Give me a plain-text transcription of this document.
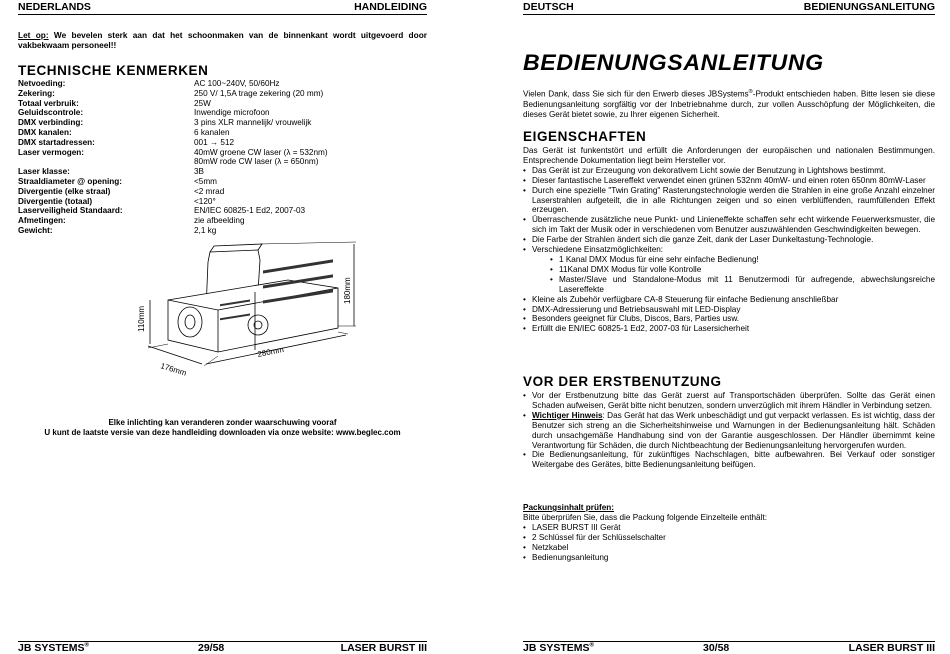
NEDERLANDS	HANDLEIDING
Let op: We bevelen sterk aan dat het schoonmaken van de binnenkant wordt uitgevoerd door vakbekwaam personeel!!
TECHNISCHE KENMERKEN
Netvoeding:	AC 100~240V, 50/60Hz
Zekering:	250 V/ 1,5A trage zekering (20 mm)
Totaal verbruik:	25W
Geluidscontrole:	Inwendige microfoon
DMX verbinding:	3 pins XLR mannelijk/ vrouwelijk
DMX kanalen:	6 kanalen
DMX startadressen:	001 → 512
Laser vermogen:	40mW groene CW laser (λ = 532nm)
80mW rode CW laser (λ = 650nm)
Laser klasse:	3B
Straaldiameter @ opening:	<5mm
Divergentie (elke straal)	<2 mrad
Divergentie (totaal)	<120°
Laserveiligheid Standaard:	EN/IEC 60825-1 Ed2, 2007-03
Afmetingen:	zie afbeelding
Gewicht:	2,1 kg
110mm
176mm
280mm
180mm
Elke inlichting kan veranderen zonder waarschuwing vooraf
U kunt de laatste versie van deze handleiding downloaden via onze website: www.beglec.com
JB SYSTEMS®	29/58	LASER BURST III
DEUTSCH	BEDIENUNGSANLEITUNG
BEDIENUNGSANLEITUNG
Vielen Dank, dass Sie sich für den Erwerb dieses JBSystems®-Produkt entschieden haben. Bitte lesen sie diese Bedienungsanleitung sorgfältig vor der Inbetriebnahme durch, zur vollen Ausschöpfung der Möglichkeiten, die dieses Gerät bietet sowie, zu Ihrer eigenen Sicherheit.
EIGENSCHAFTEN
Das Gerät ist funkentstört und erfüllt die Anforderungen der europäischen und nationalen Bestimmungen. Entsprechende Dokumentation liegt beim Hersteller vor.
• Das Gerät ist zur Erzeugung von dekorativem Licht sowie der Benutzung in Lightshows bestimmt.
• Dieser fantastische Lasereffekt verwendet einen grünen 532nm 40mW- und einen roten 650nm 80mW-Laser
• Durch eine spezielle "Twin Grating" Rasterungstechnologie werden die Strahlen in eine große Anzahl einzelner Laserstrahlen aufgeteilt, die in alle Richtungen zeigen und so einen verblüffenden, raumfüllenden Effekt erzeugen.
• Überraschende zusätzliche neue Punkt- und Linieneffekte schaffen sehr echt wirkende Feuerwerksmuster, die sich im Takt der Musik oder in verschiedenen vom Benutzer auszuwählenden Geschwindigkeiten bewegen.
• Die Farbe der Strahlen ändert sich die ganze Zeit, dank der Laser Dunkeltastung-Technologie.
• Verschiedene Einsatzmöglichkeiten:
• 1 Kanal DMX Modus für eine sehr einfache Bedienung!
• 11Kanal DMX Modus für volle Kontrolle
• Master/Slave und Standalone-Modus mit 11 Benutzermodi für aufregende, abwechslungsreiche Lasereffekte
• Kleine als Zubehör verfügbare CA-8 Steuerung für einfache Bedienung anschließbar
• DMX-Adressierung und Betriebsauswahl mit LED-Display
• Besonders geeignet für Clubs, Discos, Bars, Parties usw.
• Erfüllt die EN/IEC 60825-1 Ed2, 2007-03 für Lasersicherheit
VOR DER ERSTBENUTZUNG
• Vor der Erstbenutzung bitte das Gerät zuerst auf Transportschäden überprüfen. Sollte das Gerät einen Schaden aufweisen, Gerät bitte nicht benutzen, sondern unverzüglich mit ihrem Händler in Verbindung setzen.
• Wichtiger Hinweis: Das Gerät hat das Werk unbeschädigt und gut verpackt verlassen. Es ist wichtig, dass der Benutzer sich streng an die Sicherheitshinweise und Warnungen in der Bedienungsanleitung hält. Schäden durch unsachgemäße Handhabung sind von der Garantie ausgeschlossen. Der Händler übernimmt keine Verantwortung für Schäden, die durch Nichtbeachtung der Bedienungsanleitung hervorgerufen wurden.
• Die Bedienungsanleitung, für zukünftiges Nachschlagen, bitte aufbewahren. Bei Verkauf oder sonstiger Weitergabe des Gerätes, bitte Bedienungsanleitung beifügen.
Packungsinhalt prüfen:
Bitte überprüfen Sie, dass die Packung folgende Einzelteile enthält:
• LASER BURST III Gerät
• 2 Schlüssel für der Schlüsselschalter
• Netzkabel
• Bedienungsanleitung
JB SYSTEMS®	30/58	LASER BURST III
